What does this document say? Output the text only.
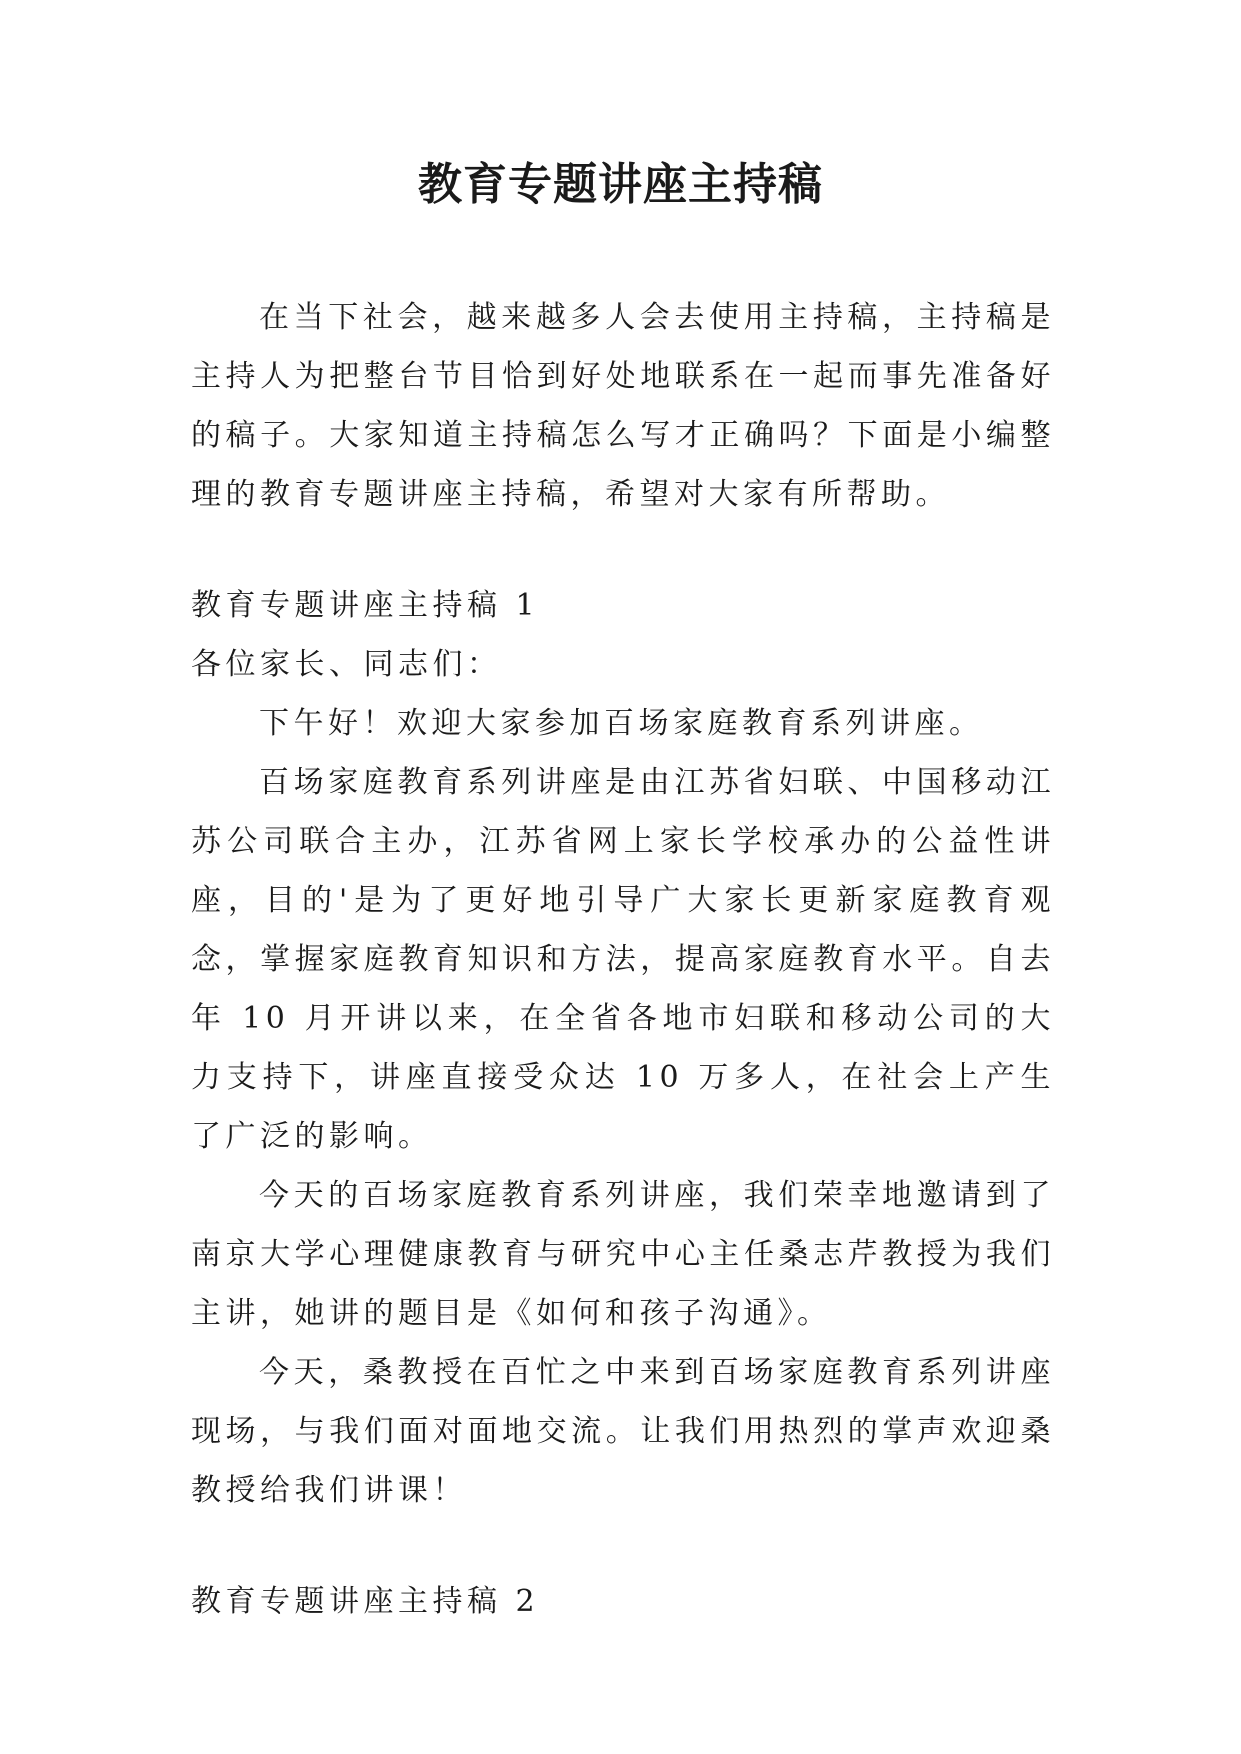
教育专题讲座主持稿

在当下社会，越来越多人会去使用主持稿，主持稿是主持人为把整台节目恰到好处地联系在一起而事先准备好的稿子。大家知道主持稿怎么写才正确吗？下面是小编整理的教育专题讲座主持稿，希望对大家有所帮助。

教育专题讲座主持稿 1

各位家长、同志们：

下午好！欢迎大家参加百场家庭教育系列讲座。

百场家庭教育系列讲座是由江苏省妇联、中国移动江苏公司联合主办，江苏省网上家长学校承办的公益性讲座，目的'是为了更好地引导广大家长更新家庭教育观念，掌握家庭教育知识和方法，提高家庭教育水平。自去年 10 月开讲以来，在全省各地市妇联和移动公司的大力支持下，讲座直接受众达 10 万多人，在社会上产生了广泛的影响。

今天的百场家庭教育系列讲座，我们荣幸地邀请到了南京大学心理健康教育与研究中心主任桑志芹教授为我们主讲，她讲的题目是《如何和孩子沟通》。

今天，桑教授在百忙之中来到百场家庭教育系列讲座现场，与我们面对面地交流。让我们用热烈的掌声欢迎桑教授给我们讲课！

教育专题讲座主持稿 2
